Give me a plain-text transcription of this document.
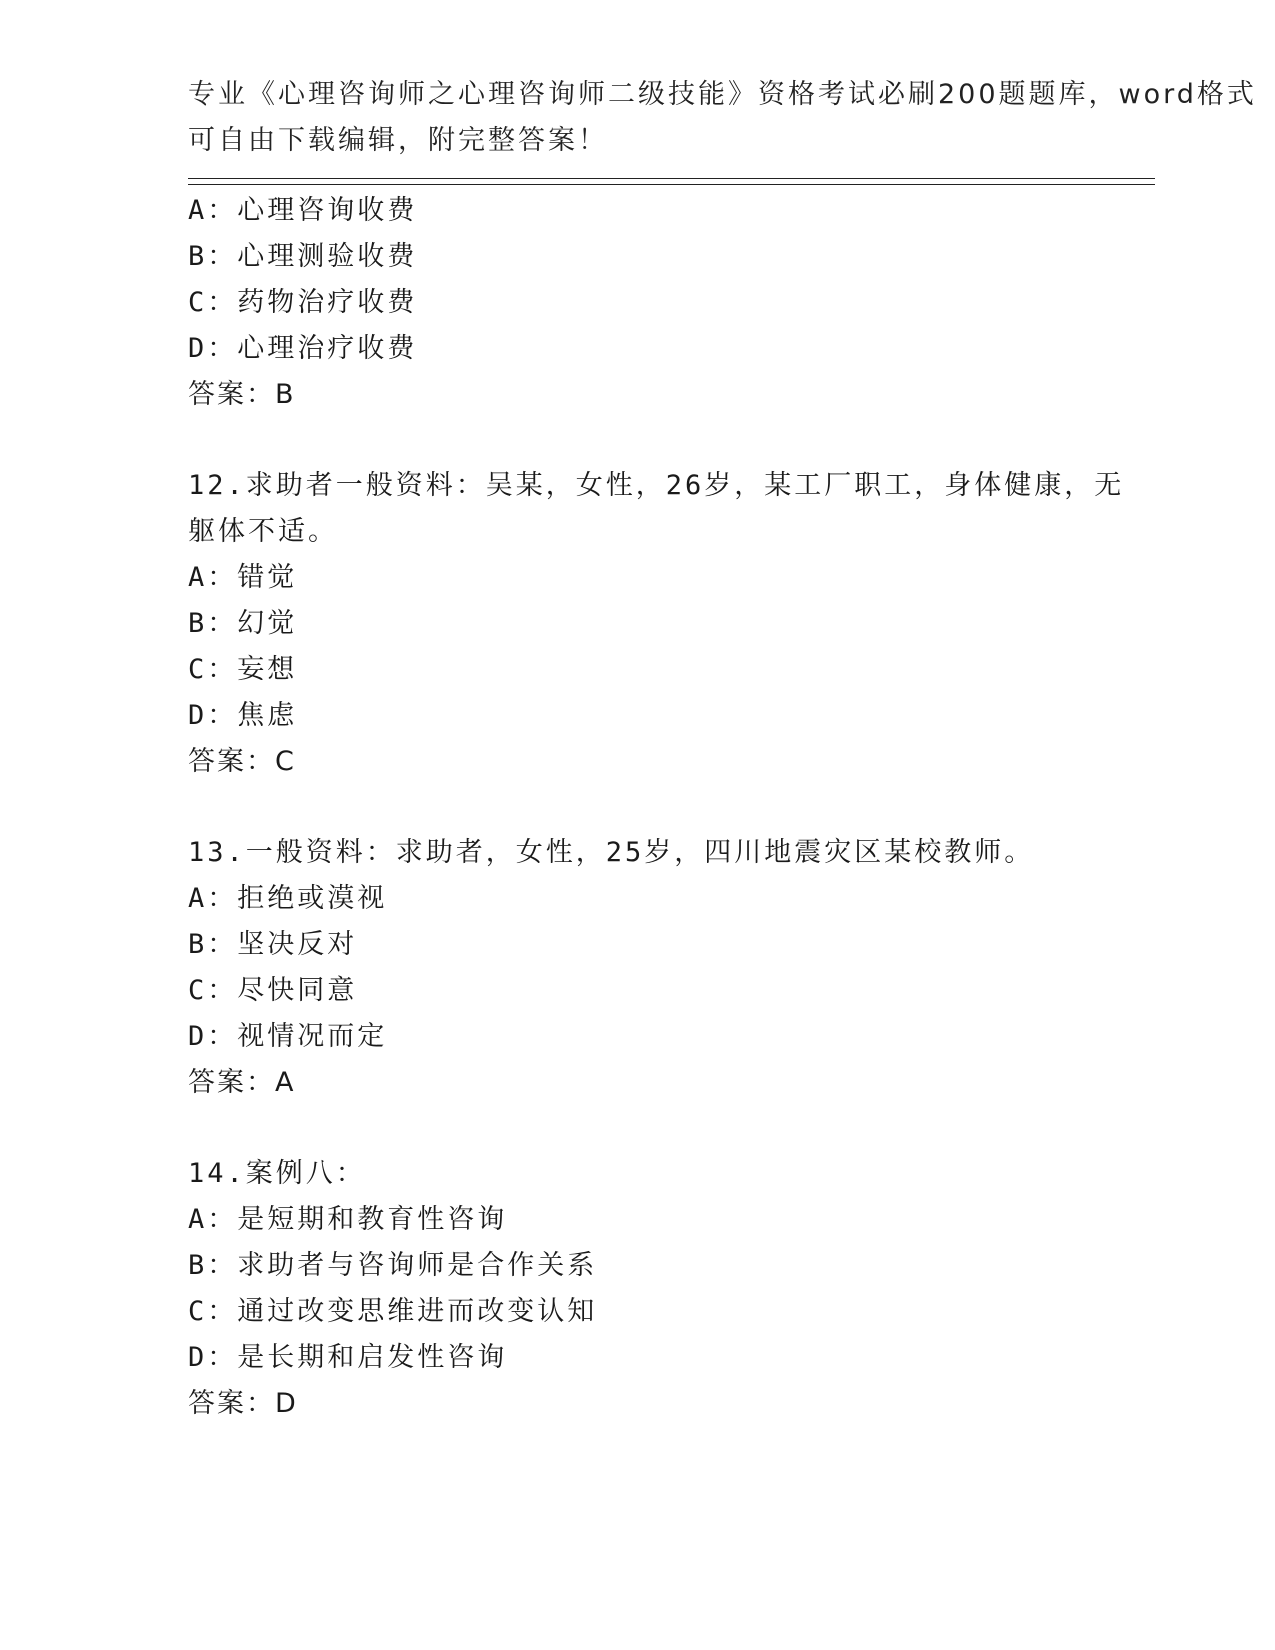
专业《心理咨询师之心理咨询师二级技能》资格考试必刷200题题库，word格式
可自由下载编辑，附完整答案！
A：心理咨询收费
B：心理测验收费
C：药物治疗收费
D：心理治疗收费
答案：B
12.求助者一般资料：吴某，女性，26岁，某工厂职工，身体健康，无
躯体不适。
A：错觉
B：幻觉
C：妄想
D：焦虑
答案：C
13.一般资料：求助者，女性，25岁，四川地震灾区某校教师。
A：拒绝或漠视
B：坚决反对
C：尽快同意
D：视情况而定
答案：A
14.案例八：
A：是短期和教育性咨询
B：求助者与咨询师是合作关系
C：通过改变思维进而改变认知
D：是长期和启发性咨询
答案：D
